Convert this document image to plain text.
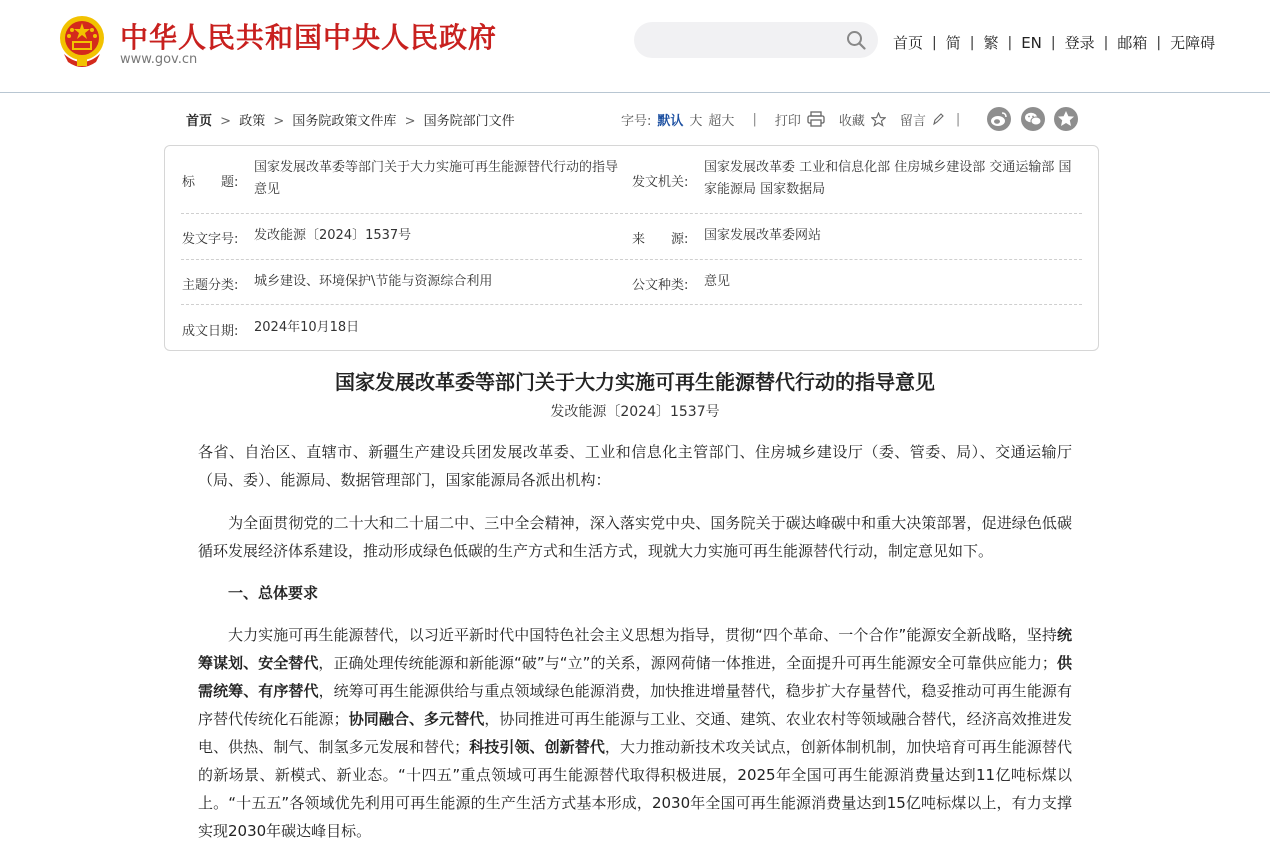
中华人民共和国中央人民政府
www.gov.cn
首页 | 简 | 繁 | EN | 登录 | 邮箱 | 无障碍
首页 > 政策 > 国务院政策文件库 > 国务院部门文件	字号: 默认 大 超大 | 打印	收藏	留言 |
标　　题:
国家发展改革委等部门关于大力实施可再生能源替代行动的指导意见	发文机关:
国家发展改革委 工业和信息化部 住房城乡建设部 交通运输部 国家能源局 国家数据局
发文字号: 发改能源〔2024〕1537号	来　　源: 国家发展改革委网站
主题分类: 城乡建设、环境保护\节能与资源综合利用	公文种类: 意见
成文日期: 2024年10月18日
国家发展改革委等部门关于大力实施可再生能源替代行动的指导意见
发改能源〔2024〕1537号
各省、自治区、直辖市、新疆生产建设兵团发展改革委、工业和信息化主管部门、住房城乡建设厅（委、管委、局）、交通运输厅（局、委）、能源局、数据管理部门，国家能源局各派出机构：
为全面贯彻党的二十大和二十届二中、三中全会精神，深入落实党中央、国务院关于碳达峰碳中和重大决策部署，促进绿色低碳循环发展经济体系建设，推动形成绿色低碳的生产方式和生活方式，现就大力实施可再生能源替代行动，制定意见如下。
一、总体要求
大力实施可再生能源替代，以习近平新时代中国特色社会主义思想为指导，贯彻“四个革命、一个合作”能源安全新战略，坚持统筹谋划、安全替代，正确处理传统能源和新能源“破”与“立”的关系，源网荷储一体推进，全面提升可再生能源安全可靠供应能力；供需统筹、有序替代，统筹可再生能源供给与重点领域绿色能源消费，加快推进增量替代，稳步扩大存量替代，稳妥推动可再生能源有序替代传统化石能源；协同融合、多元替代，协同推进可再生能源与工业、交通、建筑、农业农村等领域融合替代，经济高效推进发电、供热、制气、制氢多元发展和替代；科技引领、创新替代，大力推动新技术攻关试点，创新体制机制，加快培育可再生能源替代的新场景、新模式、新业态。“十四五”重点领域可再生能源替代取得积极进展，2025年全国可再生能源消费量达到11亿吨标煤以上。“十五五”各领域优先利用可再生能源的生产生活方式基本形成，2030年全国可再生能源消费量达到15亿吨标煤以上，有力支撑实现2030年碳达峰目标。
